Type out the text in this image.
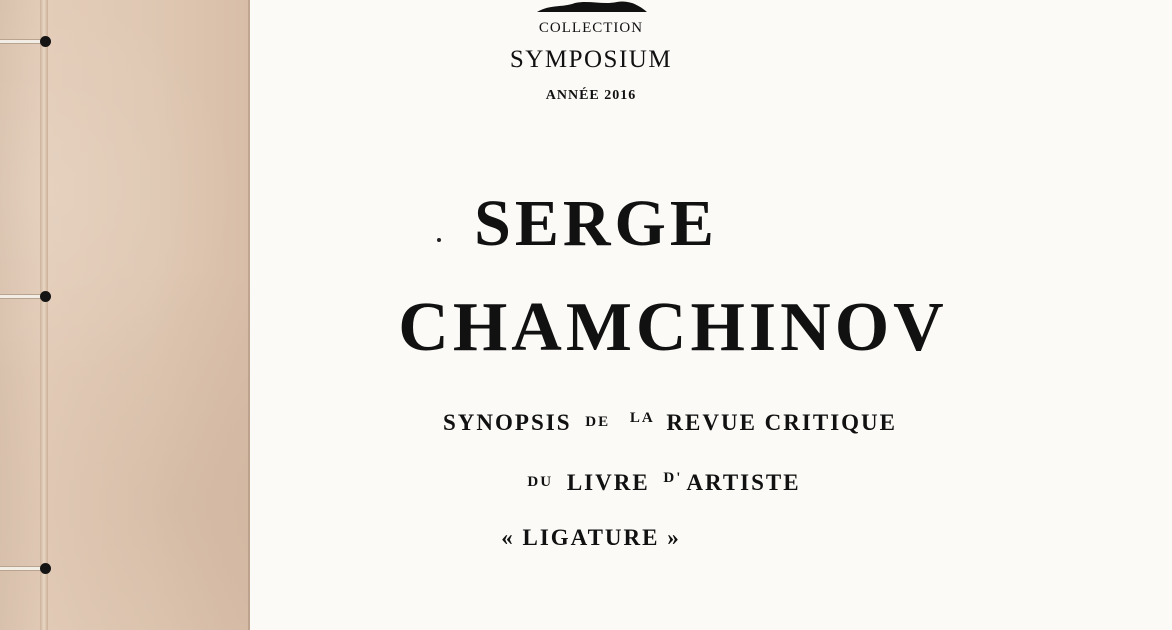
COLLECTION

SYMPOSIUM

ANNÉE 2016

SERGE

CHAMCHINOV

SYNOPSIS DE $^{LA}$ REVUE CRITIQUE

DU LIVRE $^{D'}$ ARTISTE

« LIGATURE »
